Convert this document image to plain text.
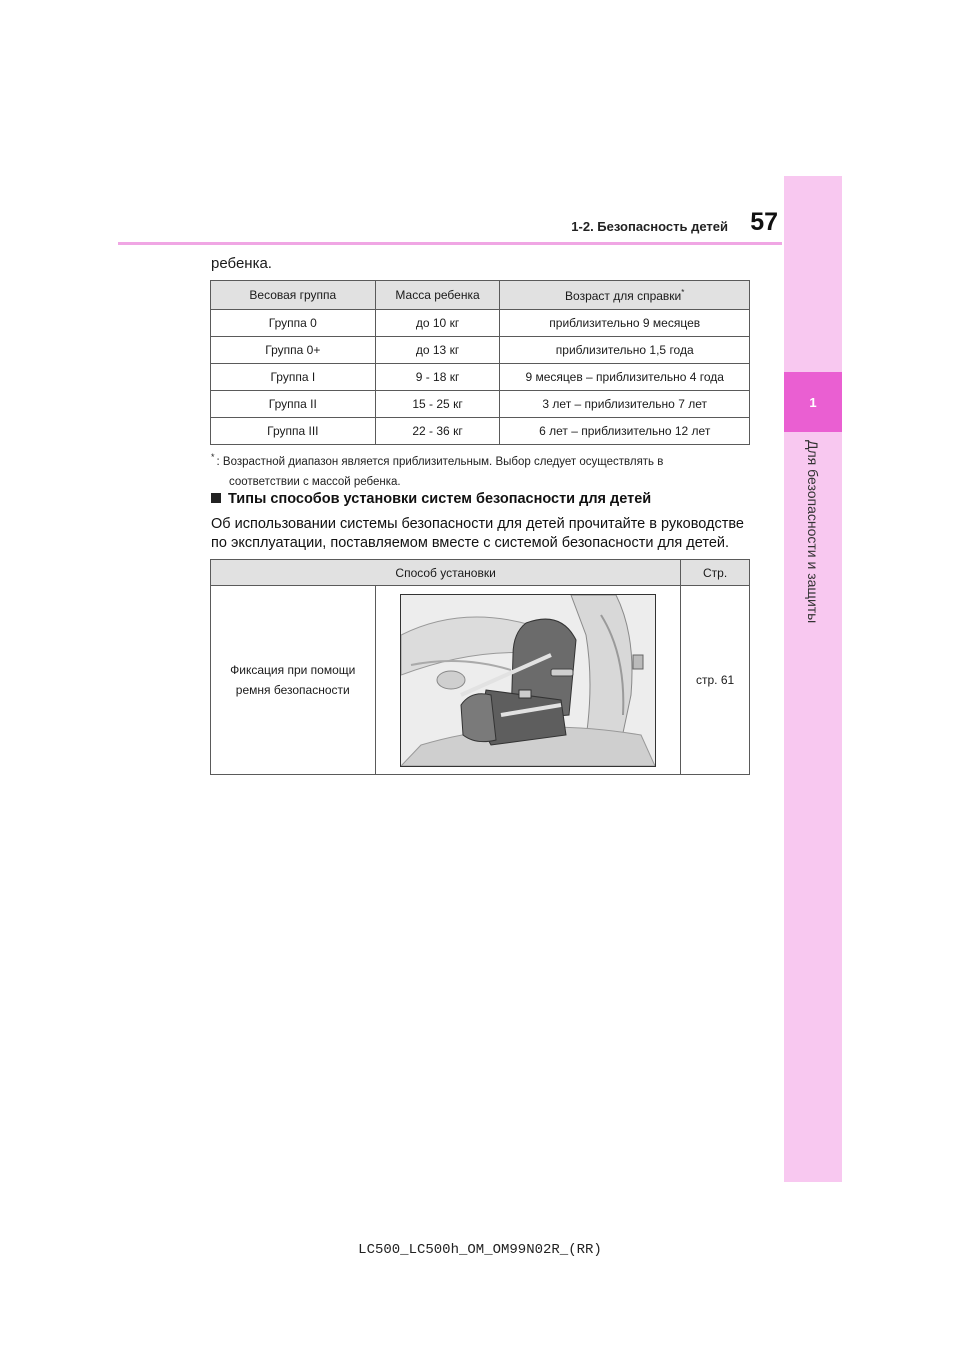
1
Для безопасности и защиты
57
1-2. Безопасность детей
ребенка.
Весовая группа	Масса ребенка	Возраст для справки*
Группа 0	до 10 кг	приблизительно 9 месяцев
Группа 0+	до 13 кг	приблизительно 1,5 года
Группа I	9 - 18 кг	9 месяцев – приблизительно 4 года
Группа II	15 - 25 кг	3 лет – приблизительно 7 лет
Группа III	22 - 36 кг	6 лет – приблизительно 12 лет
* : Возрастной диапазон является приблизительным. Выбор следует осуществлять в
соответствии с массой ребенка.
Типы способов установки систем безопасности для детей
Об использовании системы безопасности для детей прочитайте в руководстве по эксплуатации, поставляемом вместе с системой безопасности для детей.
Способ установки		Стр.
Фиксация при помощи
ремня безопасности		стр. 61
LC500_LC500h_OM_OM99N02R_(RR)
